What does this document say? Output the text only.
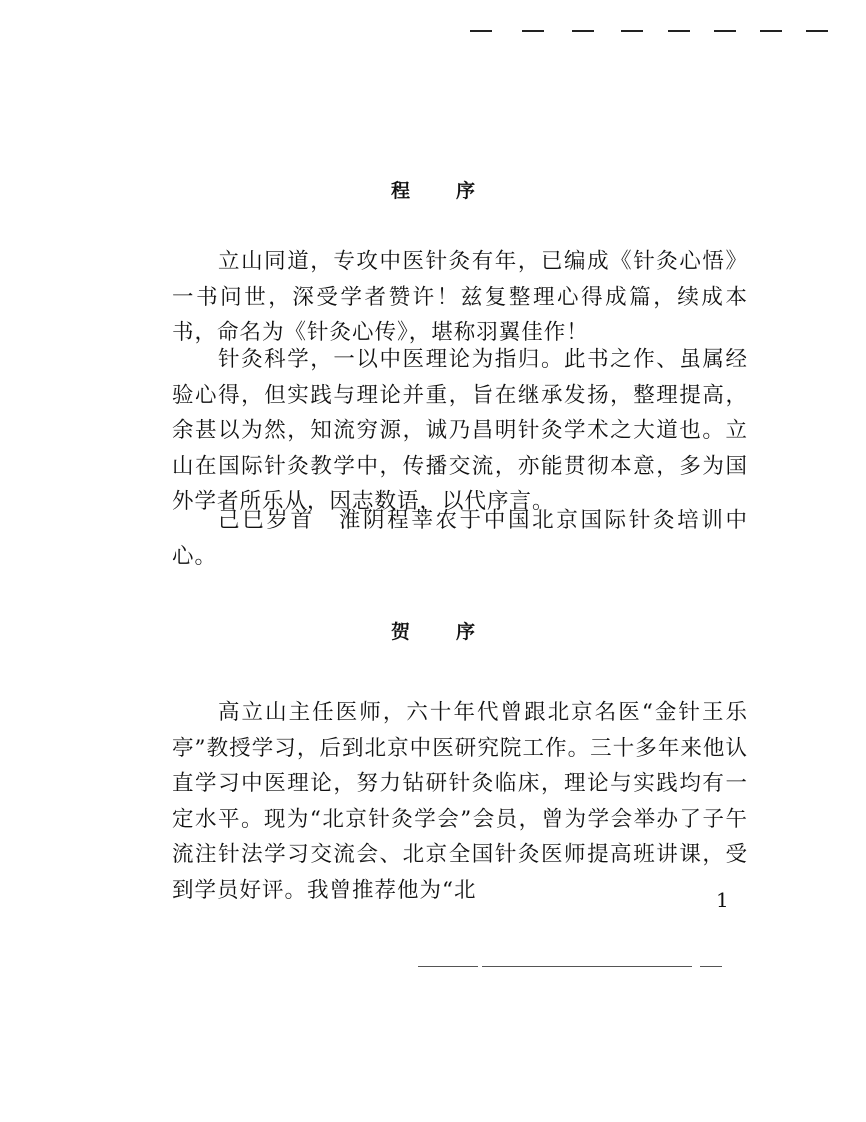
程序

立山同道，专攻中医针灸有年，已编成《针灸心悟》一书问世，深受学者赞许！兹复整理心得成篇，续成本书，命名为《针灸心传》，堪称羽翼佳作！

针灸科学，一以中医理论为指归。此书之作、虽属经验心得，但实践与理论并重，旨在继承发扬，整理提高，余甚以为然，知流穷源，诚乃昌明针灸学术之大道也。立山在国际针灸教学中，传播交流，亦能贯彻本意，多为国外学者所乐从，因志数语，以代序言。

己巳岁首　淮阴程莘农于中国北京国际针灸培训中心。

贺序

高立山主任医师，六十年代曾跟北京名医“金针王乐亭”教授学习，后到北京中医研究院工作。三十多年来他认直学习中医理论，努力钻研针灸临床，理论与实践均有一定水平。现为“北京针灸学会”会员，曾为学会举办了子午流注针法学习交流会、北京全国针灸医师提高班讲课，受到学员好评。我曾推荐他为“北	1
